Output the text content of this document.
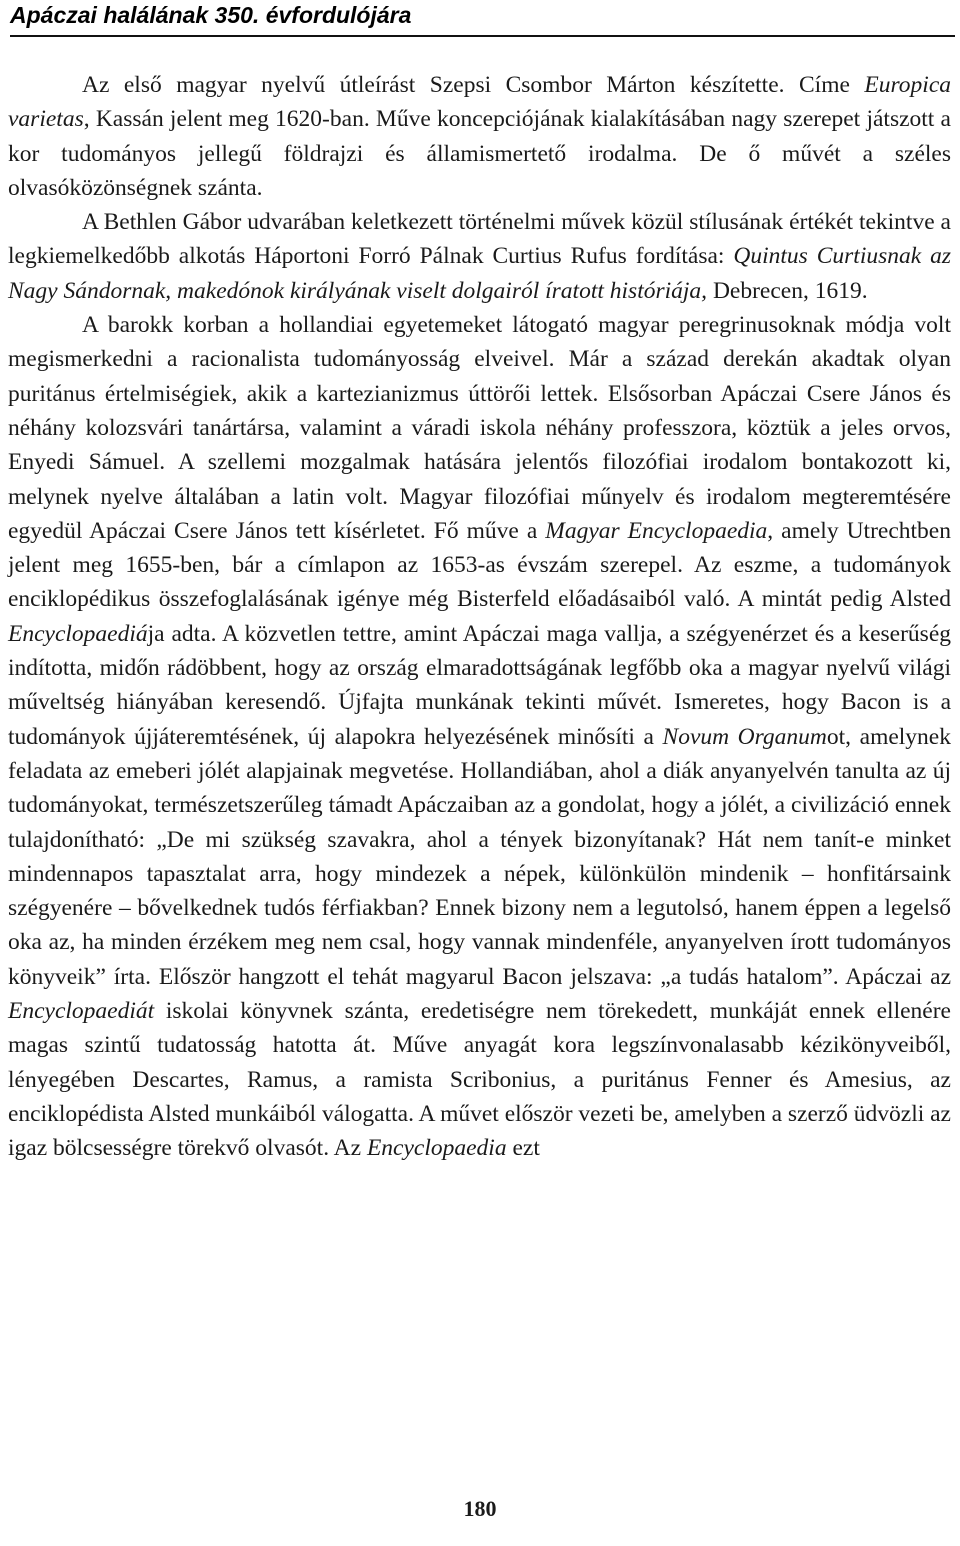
Apáczai halálának 350. évfordulójára

Az első magyar nyelvű útleírást Szepsi Csombor Márton készítette. Címe Europica varietas, Kassán jelent meg 1620-ban. Műve koncepciójának kialakításában nagy szerepet játszott a kor tudományos jellegű földrajzi és államismertető irodalma. De ő művét a széles olvasóközönségnek szánta.

A Bethlen Gábor udvarában keletkezett történelmi művek közül stílusának értékét tekintve a legkiemelkedőbb alkotás Háportoni Forró Pálnak Curtius Rufus fordítása: Quintus Curtiusnak az Nagy Sándornak, makedónok királyának viselt dolgairól íratott históriája, Debrecen, 1619.

A barokk korban a hollandiai egyetemeket látogató magyar peregrinusoknak módja volt megismerkedni a racionalista tudományosság elveivel. Már a század derekán akadtak olyan puritánus értelmiségiek, akik a kartezianizmus úttörői lettek. Elsősorban Apáczai Csere János és néhány kolozsvári tanártársa, valamint a váradi iskola néhány professzora, köztük a jeles orvos, Enyedi Sámuel. A szellemi mozgalmak hatására jelentős filozófiai irodalom bontakozott ki, melynek nyelve általában a latin volt. Magyar filozófiai műnyelv és irodalom megteremtésére egyedül Apáczai Csere János tett kísérletet. Fő műve a Magyar Encyclopaedia, amely Utrechtben jelent meg 1655-ben, bár a címlapon az 1653-as évszám szerepel. Az eszme, a tudományok enciklopédikus összefoglalásának igénye még Bisterfeld előadásaiból való. A mintát pedig Alsted Encyclopaediája adta. A közvetlen tettre, amint Apáczai maga vallja, a szégyenérzet és a keserűség indította, midőn rádöbbent, hogy az ország elmaradottságának legfőbb oka a magyar nyelvű világi műveltség hiányában keresendő. Újfajta munkának tekinti művét. Ismeretes, hogy Bacon is a tudományok újjáteremtésének, új alapokra helyezésének minősíti a Novum Organumot, amelynek feladata az emeberi jólét alapjainak megvetése. Hollandiában, ahol a diák anyanyelvén tanulta az új tudományokat, természetszerűleg támadt Apáczaiban az a gondolat, hogy a jólét, a civilizáció ennek tulajdonítható: „De mi szükség szavakra, ahol a tények bizonyítanak? Hát nem tanít-e minket mindennapos tapasztalat arra, hogy mindezek a népek, különkülön mindenik – honfitársaink szégyenére – bővelkednek tudós férfiakban? Ennek bizony nem a legutolsó, hanem éppen a legelső oka az, ha minden érzékem meg nem csal, hogy vannak mindenféle, anyanyelven írott tudományos könyveik” írta. Először hangzott el tehát magyarul Bacon jelszava: „a tudás hatalom”. Apáczai az Encyclopaediát iskolai könyvnek szánta, eredetiségre nem törekedett, munkáját ennek ellenére magas szintű tudatosság hatotta át. Műve anyagát kora legszínvonalasabb kézikönyveiből, lényegében Descartes, Ramus, a ramista Scribonius, a puritánus Fenner és Amesius, az enciklopédista Alsted munkáiból válogatta. A művet először vezeti be, amelyben a szerző üdvözli az igaz bölcsességre törekvő olvasót. Az Encyclopaedia ezt

180
